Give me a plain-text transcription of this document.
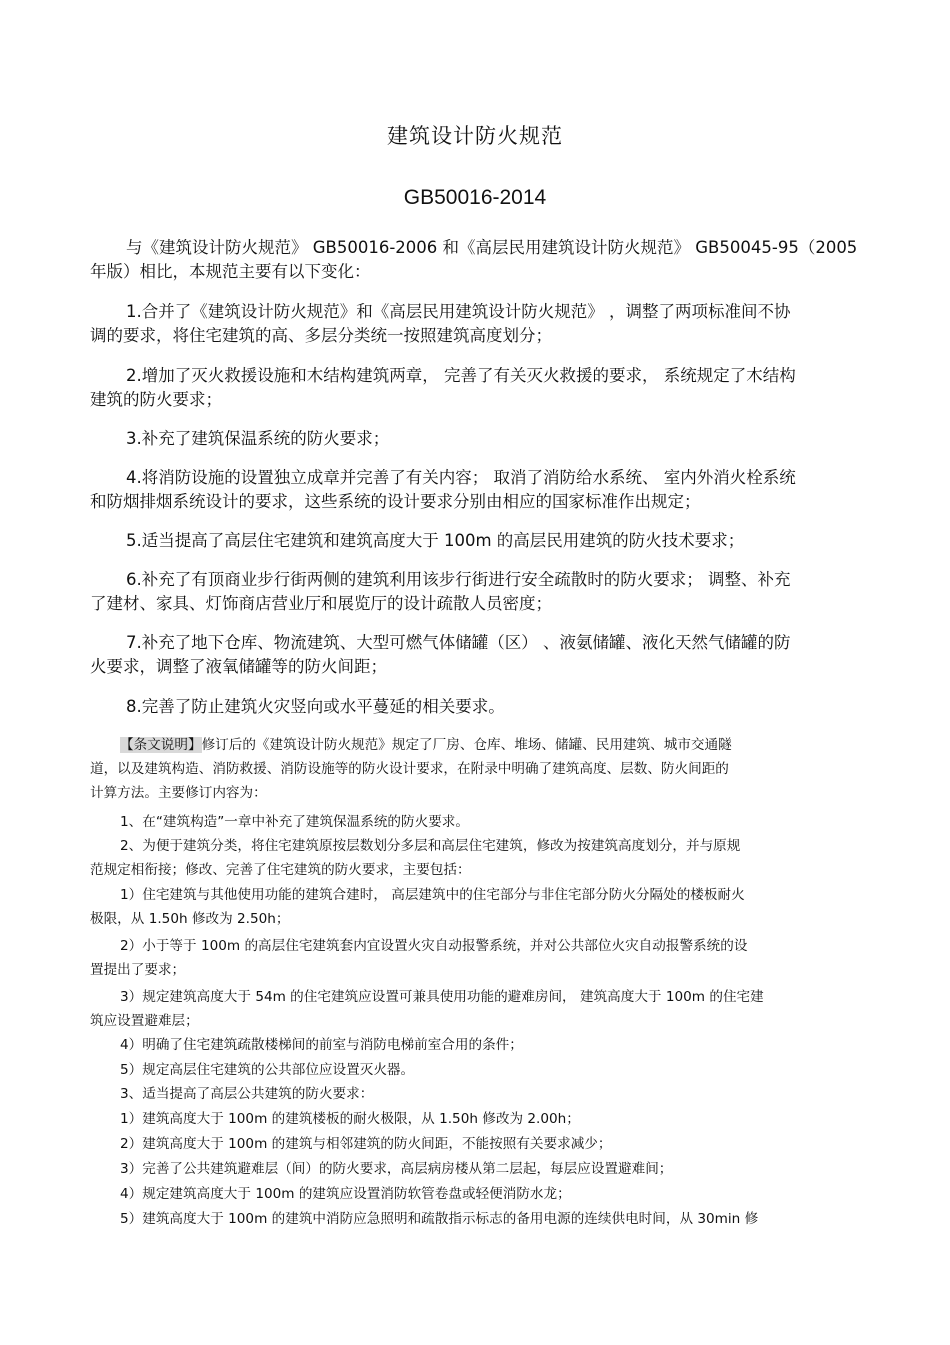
建筑设计防火规范
GB50016-2014

与《建筑设计防火规范》 GB50016-2006 和《高层民用建筑设计防火规范》 GB50045-95（2005
年版）相比，本规范主要有以下变化：

1.合并了《建筑设计防火规范》和《高层民用建筑设计防火规范》 ，调整了两项标准间不协
调的要求，将住宅建筑的高、多层分类统一按照建筑高度划分；

2.增加了灭火救援设施和木结构建筑两章， 完善了有关灭火救援的要求， 系统规定了木结构
建筑的防火要求；

3.补充了建筑保温系统的防火要求；

4.将消防设施的设置独立成章并完善了有关内容； 取消了消防给水系统、 室内外消火栓系统
和防烟排烟系统设计的要求，这些系统的设计要求分别由相应的国家标准作出规定；

5.适当提高了高层住宅建筑和建筑高度大于 100m 的高层民用建筑的防火技术要求；

6.补充了有顶商业步行街两侧的建筑利用该步行街进行安全疏散时的防火要求； 调整、补充
了建材、家具、灯饰商店营业厅和展览厅的设计疏散人员密度；

7.补充了地下仓库、物流建筑、大型可燃气体储罐（区） 、液氨储罐、液化天然气储罐的防
火要求，调整了液氧储罐等的防火间距；

8.完善了防止建筑火灾竖向或水平蔓延的相关要求。

【条文说明】修订后的《建筑设计防火规范》规定了厂房、仓库、堆场、储罐、民用建筑、城市交通隧
道，以及建筑构造、消防救援、消防设施等的防火设计要求，在附录中明确了建筑高度、层数、防火间距的
计算方法。主要修订内容为：

1、在“建筑构造”一章中补充了建筑保温系统的防火要求。

2、为便于建筑分类，将住宅建筑原按层数划分多层和高层住宅建筑，修改为按建筑高度划分，并与原规
范规定相衔接；修改、完善了住宅建筑的防火要求，主要包括：

1）住宅建筑与其他使用功能的建筑合建时， 高层建筑中的住宅部分与非住宅部分防火分隔处的楼板耐火
极限，从 1.50h 修改为 2.50h；

2）小于等于 100m 的高层住宅建筑套内宜设置火灾自动报警系统，并对公共部位火灾自动报警系统的设
置提出了要求；

3）规定建筑高度大于 54m 的住宅建筑应设置可兼具使用功能的避难房间， 建筑高度大于 100m 的住宅建
筑应设置避难层；

4）明确了住宅建筑疏散楼梯间的前室与消防电梯前室合用的条件；

5）规定高层住宅建筑的公共部位应设置灭火器。

3、适当提高了高层公共建筑的防火要求：

1）建筑高度大于 100m 的建筑楼板的耐火极限，从 1.50h 修改为 2.00h；

2）建筑高度大于 100m 的建筑与相邻建筑的防火间距，不能按照有关要求减少；

3）完善了公共建筑避难层（间）的防火要求，高层病房楼从第二层起，每层应设置避难间；

4）规定建筑高度大于 100m 的建筑应设置消防软管卷盘或轻便消防水龙；

5）建筑高度大于 100m 的建筑中消防应急照明和疏散指示标志的备用电源的连续供电时间，从 30min 修
